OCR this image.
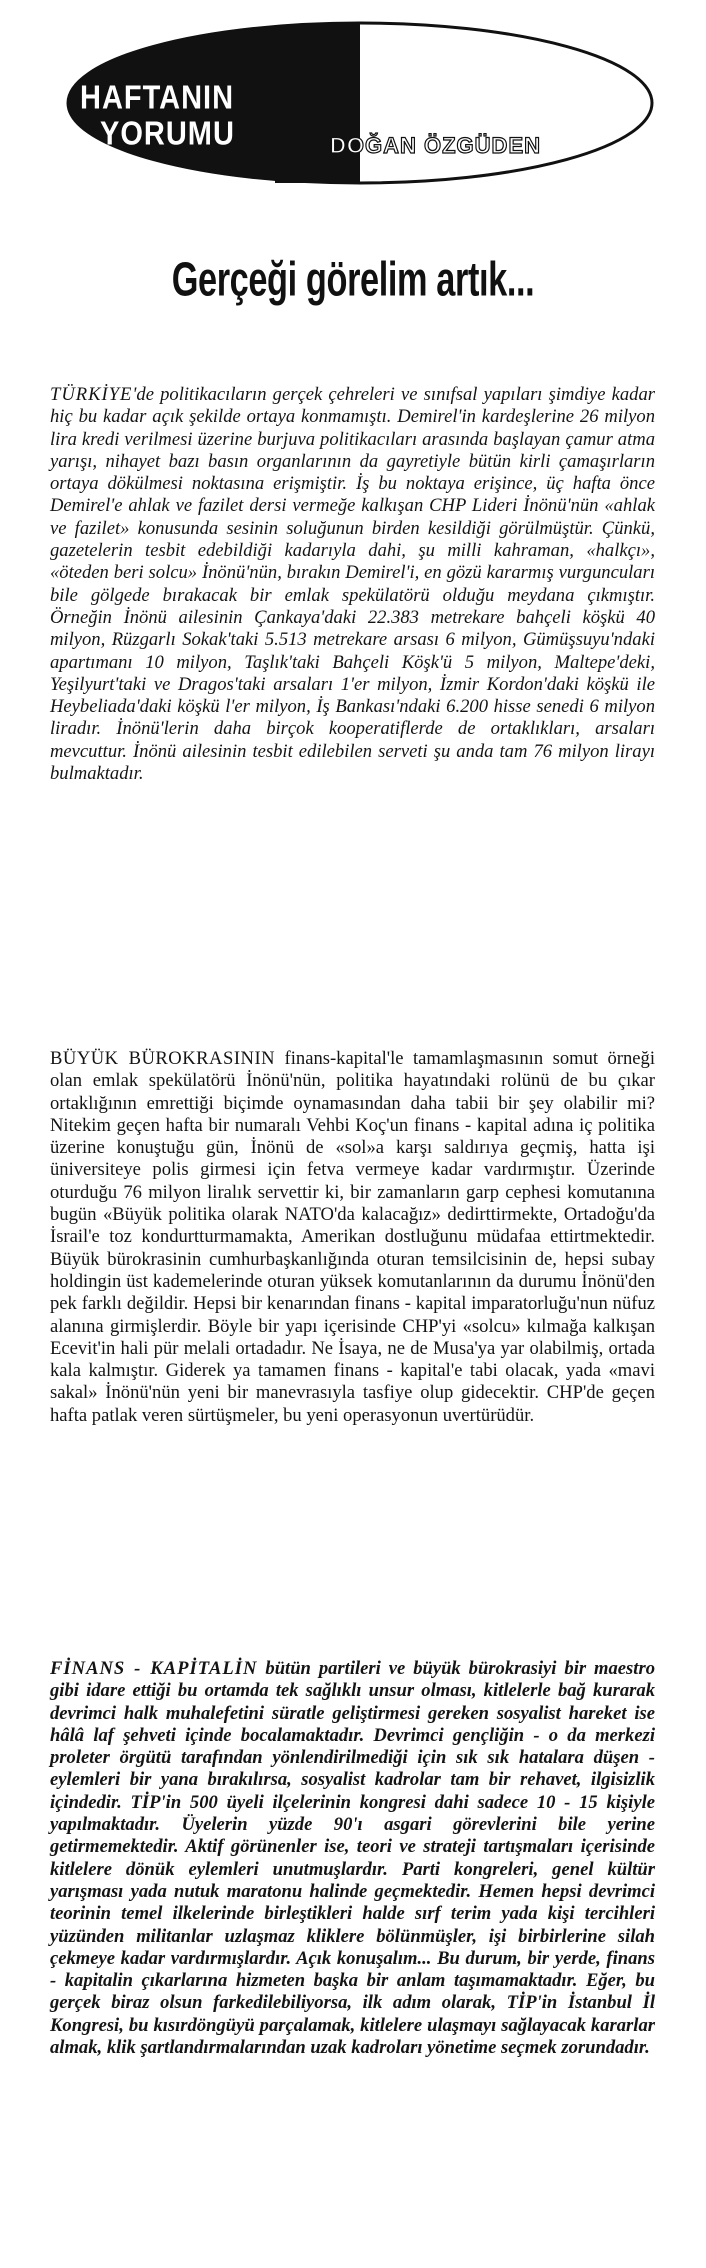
HAFTANIN
YORUMU	DOĞAN ÖZGÜDEN
Gerçeği görelim artık...

TÜRKİYE'de politikacıların gerçek çehreleri ve sınıfsal yapıları şimdiye kadar hiç bu kadar açık şekilde ortaya konmamıştı. Demirel'in kardeşlerine 26 milyon lira kredi verilmesi üzerine burjuva politikacıları arasında başlayan çamur atma yarışı, nihayet bazı basın organlarının da gayretiyle bütün kirli çamaşırların ortaya dökülmesi noktasına erişmiştir. İş bu noktaya erişince, üç hafta önce Demirel'e ahlak ve fazilet dersi vermeğe kalkışan CHP Lideri İnönü'nün «ahlak ve fazilet» konusunda sesinin soluğunun birden kesildiği görülmüştür. Çünkü, gazetelerin tesbit edebildiği kadarıyla dahi, şu milli kahraman, «halkçı», «öteden beri solcu» İnönü'nün, bırakın Demirel'i, en gözü kararmış vurguncuları bile gölgede bırakacak bir emlak spekülatörü olduğu meydana çıkmıştır. Örneğin İnönü ailesinin Çankaya'daki 22.383 metrekare bahçeli köşkü 40 milyon, Rüzgarlı Sokak'taki 5.513 metrekare arsası 6 milyon, Gümüşsuyu'ndaki apartımanı 10 milyon, Taşlık'taki Bahçeli Köşk'ü 5 milyon, Maltepe'deki, Yeşilyurt'taki ve Dragos'taki arsaları 1'er milyon, İzmir Kordon'daki köşkü ile Heybeliada'daki köşkü l'er milyon, İş Bankası'ndaki 6.200 hisse senedi 6 milyon liradır. İnönü'lerin daha birçok kooperatiflerde de ortaklıkları, arsaları mevcuttur. İnönü ailesinin tesbit edilebilen serveti şu anda tam 76 milyon lirayı bulmaktadır.

BÜYÜK BÜROKRASININ finans-kapital'le tamamlaşmasının somut örneği olan emlak spekülatörü İnönü'nün, politika hayatındaki rolünü de bu çıkar ortaklığının emrettiği biçimde oynamasından daha tabii bir şey olabilir mi? Nitekim geçen hafta bir numaralı Vehbi Koç'un finans - kapital adına iç politika üzerine konuştuğu gün, İnönü de «sol»a karşı saldırıya geçmiş, hatta işi üniversiteye polis girmesi için fetva vermeye kadar vardırmıştır. Üzerinde oturduğu 76 milyon liralık servettir ki, bir zamanların garp cephesi komutanına bugün «Büyük politika olarak NATO'da kalacağız» dedirttirmekte, Ortadoğu'da İsrail'e toz kondurtturmamakta, Amerikan dostluğunu müdafaa ettirtmektedir. Büyük bürokrasinin cumhurbaşkanlığında oturan temsilcisinin de, hepsi subay holdingin üst kademelerinde oturan yüksek komutanlarının da durumu İnönü'den pek farklı değildir. Hepsi bir kenarından finans - kapital imparatorluğu'nun nüfuz alanına girmişlerdir. Böyle bir yapı içerisinde CHP'yi «solcu» kılmağa kalkışan Ecevit'in hali pür melali ortadadır. Ne İsaya, ne de Musa'ya yar olabilmiş, ortada kala kalmıştır. Giderek ya tamamen finans - kapital'e tabi olacak, yada «mavi sakal» İnönü'nün yeni bir manevrasıyla tasfiye olup gidecektir. CHP'de geçen hafta patlak veren sürtüşmeler, bu yeni operasyonun uvertürüdür.

FİNANS - KAPİTALİN bütün partileri ve büyük bürokrasiyi bir maestro gibi idare ettiği bu ortamda tek sağlıklı unsur olması, kitlelerle bağ kurarak devrimci halk muhalefetini süratle geliştirmesi gereken sosyalist hareket ise hâlâ laf şehveti içinde bocalamaktadır. Devrimci gençliğin - o da merkezi proleter örgütü tarafından yönlendirilmediği için sık sık hatalara düşen - eylemleri bir yana bırakılırsa, sosyalist kadrolar tam bir rehavet, ilgisizlik içindedir. TİP'in 500 üyeli ilçelerinin kongresi dahi sadece 10 - 15 kişiyle yapılmaktadır. Üyelerin yüzde 90'ı asgari görevlerini bile yerine getirmemektedir. Aktif görünenler ise, teori ve strateji tartışmaları içerisinde kitlelere dönük eylemleri unutmuşlardır. Parti kongreleri, genel kültür yarışması yada nutuk maratonu halinde geçmektedir. Hemen hepsi devrimci teorinin temel ilkelerinde birleştikleri halde sırf terim yada kişi tercihleri yüzünden militanlar uzlaşmaz kliklere bölünmüşler, işi birbirlerine silah çekmeye kadar vardırmışlardır. Açık konuşalım... Bu durum, bir yerde, finans - kapitalin çıkarlarına hizmeten başka bir anlam taşımamaktadır. Eğer, bu gerçek biraz olsun farkedilebiliyorsa, ilk adım olarak, TİP'in İstanbul İl Kongresi, bu kısırdöngüyü parçalamak, kitlelere ulaşmayı sağlayacak kararlar almak, klik şartlandırmalarından uzak kadroları yönetime seçmek zorundadır.
